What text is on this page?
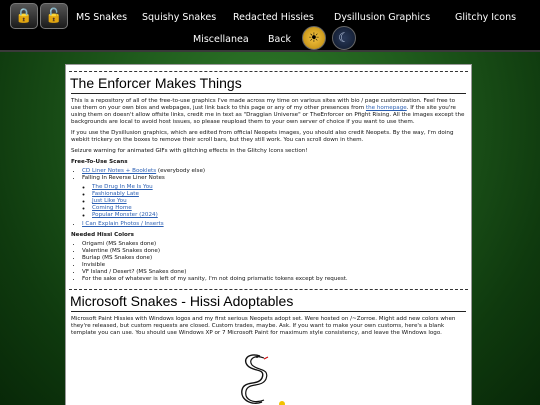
🔒 🔓	MS Snakes Squishy Snakes Redacted Hissies Dysillusion Graphics	Glitchy Icons
Miscellanea Back	☀	☾
The Enforcer Makes Things

This is a repository of all of the free-to-use graphics I've made across my time on various sites with bio / page customization. Feel free to use them on your own bios and webpages, just link back to this page or any of my other presences from the homepage. If the site you're using them on doesn't allow offsite links, credit me in text as "Draggian Universe" or TheEnforcer on Pfight Rising. All the images except the backgrounds are local to avoid host issues, so please reupload them to your own server of choice if you want to use them.

If you use the Dysillusion graphics, which are edited from official Neopets images, you should also credit Neopets. By the way, I'm doing webkit trickery on the boxes to remove their scroll bars, but they still work. You can scroll down in them.

Seizure warning for animated GIFs with glitching effects in the Glitchy Icons section!

Free-To-Use Scans
• CD Liner Notes + Booklets (everybody else)
• Falling In Reverse Liner Notes
◦ The Drug In Me Is You
◦ Fashionably Late
◦ Just Like You
◦ Coming Home
◦ Popular Monster (2024)
• I Can Explain Photos / Inserts
Needed Hissi Colors
• Origami (MS Snakes done)
• Valentine (MS Snakes done)
• Burlap (MS Snakes done)
• Invisible
• VF Island / Desert? (MS Snakes done)
• For the sake of whatever is left of my sanity, I'm not doing prismatic tokens except by request.
Microsoft Snakes - Hissi Adoptables

Microsoft Paint Hissies with Windows logos and my first serious Neopets adopt set. Were hosted on /~Zorroe. Might add new colors when they're released, but custom requests are closed. Custom trades, maybe. Ask. If you want to make your own customs, here's a blank template you can use. You should use Windows XP or 7 Microsoft Paint for maximum style consistency, and leave the Windows logo.
